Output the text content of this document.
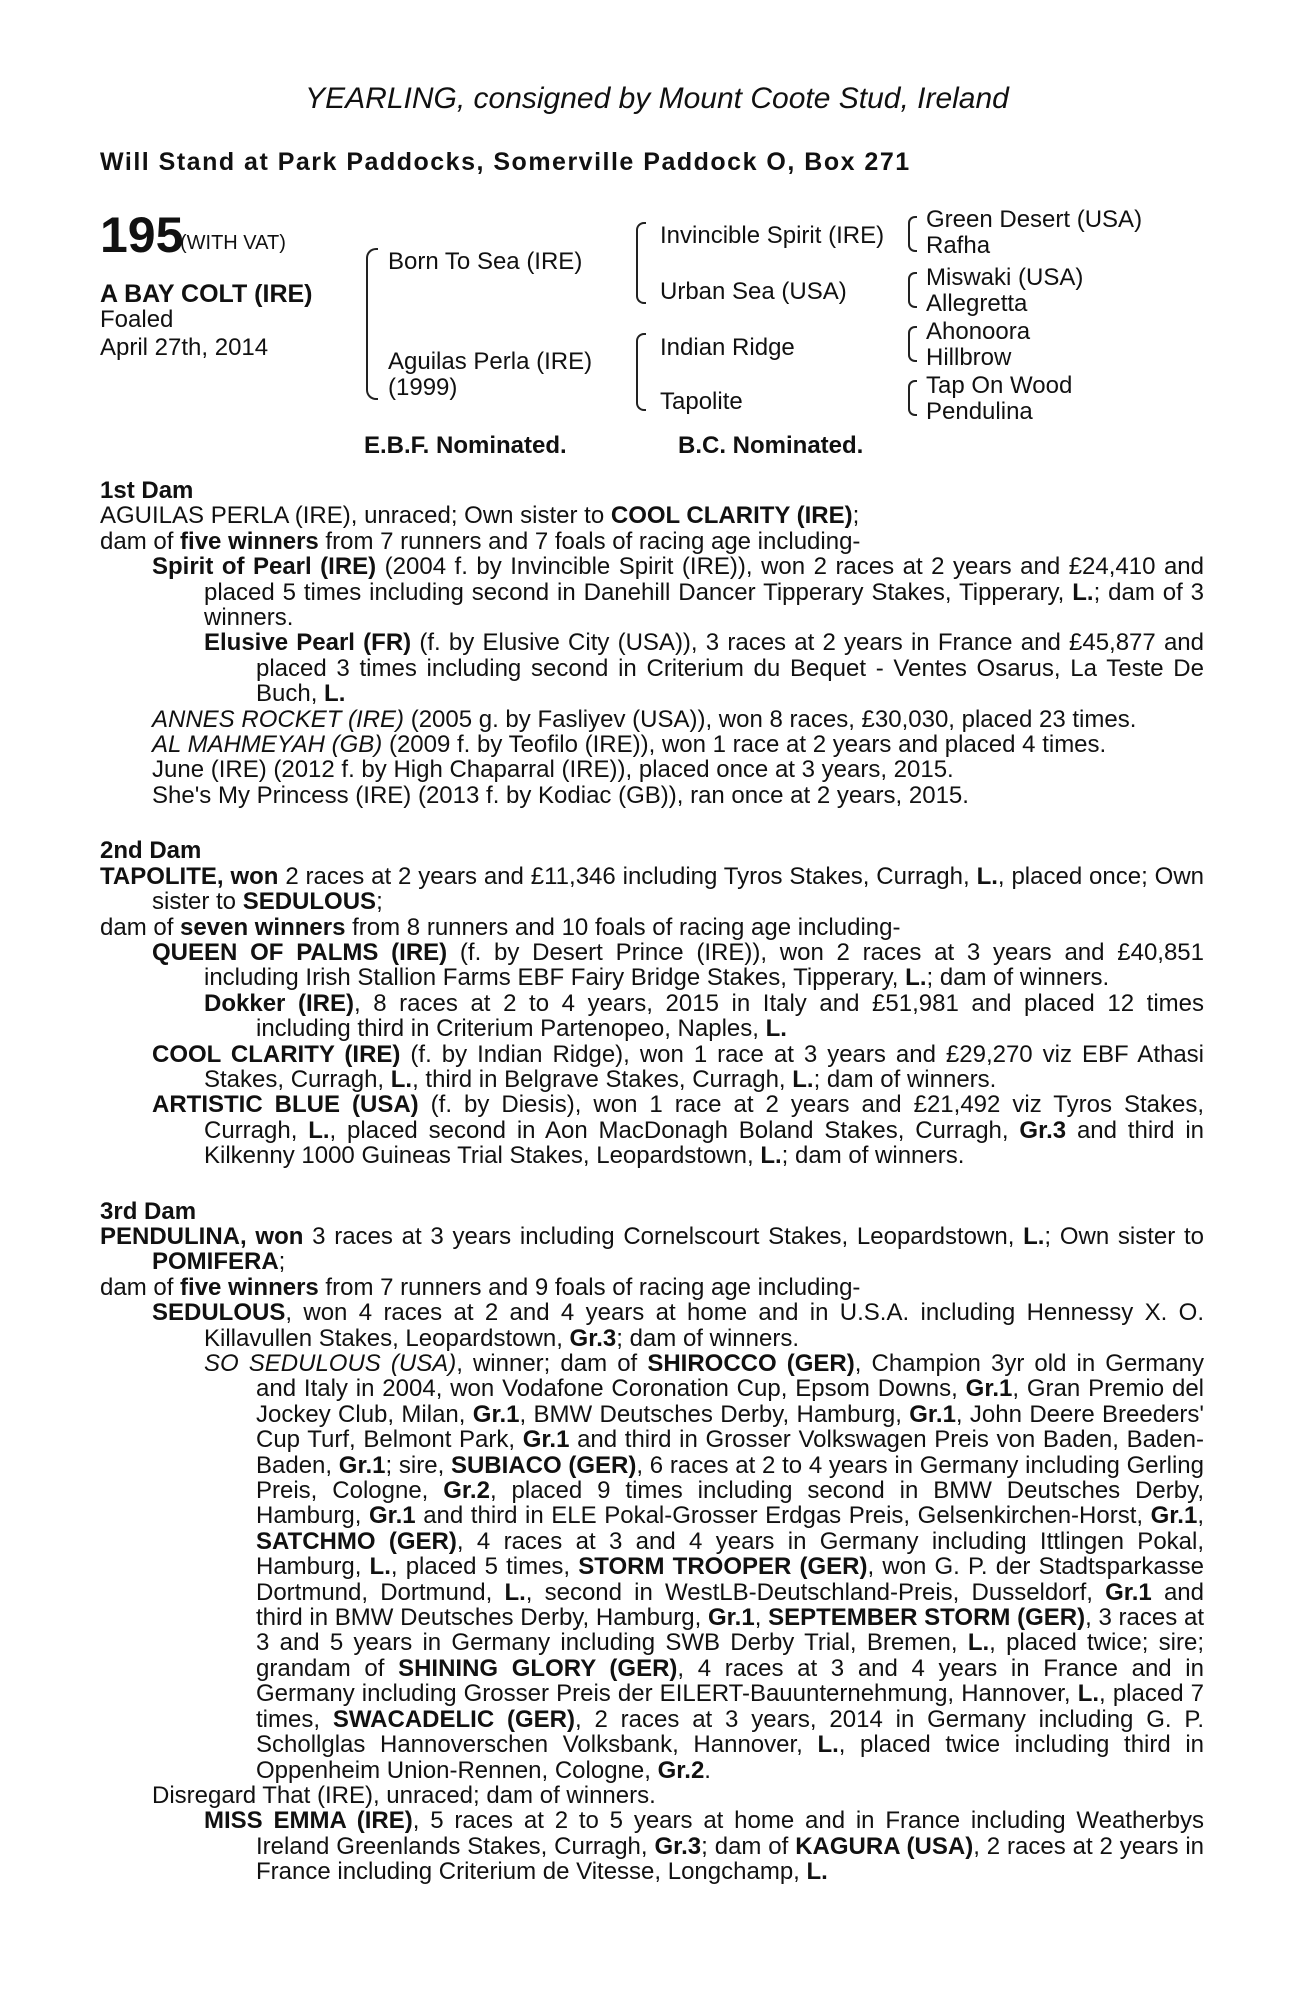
YEARLING, consigned by Mount Coote Stud, Ireland
Will Stand at Park Paddocks, Somerville Paddock O, Box 271
195
(WITH VAT)
A BAY COLT (IRE)
Foaled
April 27th, 2014
Born To Sea (IRE)
Aguilas Perla (IRE)
(1999)
Invincible Spirit (IRE)
Urban Sea (USA)
Indian Ridge
Tapolite
Green Desert (USA)
Rafha
Miswaki (USA)
Allegretta
Ahonoora
Hillbrow
Tap On Wood
Pendulina
E.B.F. Nominated.	B.C. Nominated.
1st Dam
AGUILAS PERLA (IRE), unraced; Own sister to COOL CLARITY (IRE);
dam of five winners from 7 runners and 7 foals of racing age including-
Spirit of Pearl (IRE) (2004 f. by Invincible Spirit (IRE)), won 2 races at 2 years and £24,410 and placed 5 times including second in Danehill Dancer Tipperary Stakes, Tipperary, L.; dam of 3 winners.
Elusive Pearl (FR) (f. by Elusive City (USA)), 3 races at 2 years in France and £45,877 and placed 3 times including second in Criterium du Bequet - Ventes Osarus, La Teste De Buch, L.
ANNES ROCKET (IRE) (2005 g. by Fasliyev (USA)), won 8 races, £30,030, placed 23 times.
AL MAHMEYAH (GB) (2009 f. by Teofilo (IRE)), won 1 race at 2 years and placed 4 times.
June (IRE) (2012 f. by High Chaparral (IRE)), placed once at 3 years, 2015.
She's My Princess (IRE) (2013 f. by Kodiac (GB)), ran once at 2 years, 2015.
2nd Dam
TAPOLITE, won 2 races at 2 years and £11,346 including Tyros Stakes, Curragh, L., placed once; Own sister to SEDULOUS;
dam of seven winners from 8 runners and 10 foals of racing age including-
QUEEN OF PALMS (IRE) (f. by Desert Prince (IRE)), won 2 races at 3 years and £40,851 including Irish Stallion Farms EBF Fairy Bridge Stakes, Tipperary, L.; dam of winners.
Dokker (IRE), 8 races at 2 to 4 years, 2015 in Italy and £51,981 and placed 12 times including third in Criterium Partenopeo, Naples, L.
COOL CLARITY (IRE) (f. by Indian Ridge), won 1 race at 3 years and £29,270 viz EBF Athasi Stakes, Curragh, L., third in Belgrave Stakes, Curragh, L.; dam of winners.
ARTISTIC BLUE (USA) (f. by Diesis), won 1 race at 2 years and £21,492 viz Tyros Stakes, Curragh, L., placed second in Aon MacDonagh Boland Stakes, Curragh, Gr.3 and third in Kilkenny 1000 Guineas Trial Stakes, Leopardstown, L.; dam of winners.
3rd Dam
PENDULINA, won 3 races at 3 years including Cornelscourt Stakes, Leopardstown, L.; Own sister to POMIFERA;
dam of five winners from 7 runners and 9 foals of racing age including-
SEDULOUS, won 4 races at 2 and 4 years at home and in U.S.A. including Hennessy X. O. Killavullen Stakes, Leopardstown, Gr.3; dam of winners.
SO SEDULOUS (USA), winner; dam of SHIROCCO (GER), Champion 3yr old in Germany and Italy in 2004, won Vodafone Coronation Cup, Epsom Downs, Gr.1, Gran Premio del Jockey Club, Milan, Gr.1, BMW Deutsches Derby, Hamburg, Gr.1, John Deere Breeders' Cup Turf, Belmont Park, Gr.1 and third in Grosser Volkswagen Preis von Baden, Baden-Baden, Gr.1; sire, SUBIACO (GER), 6 races at 2 to 4 years in Germany including Gerling Preis, Cologne, Gr.2, placed 9 times including second in BMW Deutsches Derby, Hamburg, Gr.1 and third in ELE Pokal-Grosser Erdgas Preis, Gelsenkirchen-Horst, Gr.1, SATCHMO (GER), 4 races at 3 and 4 years in Germany including Ittlingen Pokal, Hamburg, L., placed 5 times, STORM TROOPER (GER), won G. P. der Stadtsparkasse Dortmund, Dortmund, L., second in WestLB-Deutschland-Preis, Dusseldorf, Gr.1 and third in BMW Deutsches Derby, Hamburg, Gr.1, SEPTEMBER STORM (GER), 3 races at 3 and 5 years in Germany including SWB Derby Trial, Bremen, L., placed twice; sire; grandam of SHINING GLORY (GER), 4 races at 3 and 4 years in France and in Germany including Grosser Preis der EILERT-Bauunternehmung, Hannover, L., placed 7 times, SWACADELIC (GER), 2 races at 3 years, 2014 in Germany including G. P. Schollglas Hannoverschen Volksbank, Hannover, L., placed twice including third in Oppenheim Union-Rennen, Cologne, Gr.2.
Disregard That (IRE), unraced; dam of winners.
MISS EMMA (IRE), 5 races at 2 to 5 years at home and in France including Weatherbys Ireland Greenlands Stakes, Curragh, Gr.3; dam of KAGURA (USA), 2 races at 2 years in France including Criterium de Vitesse, Longchamp, L.
